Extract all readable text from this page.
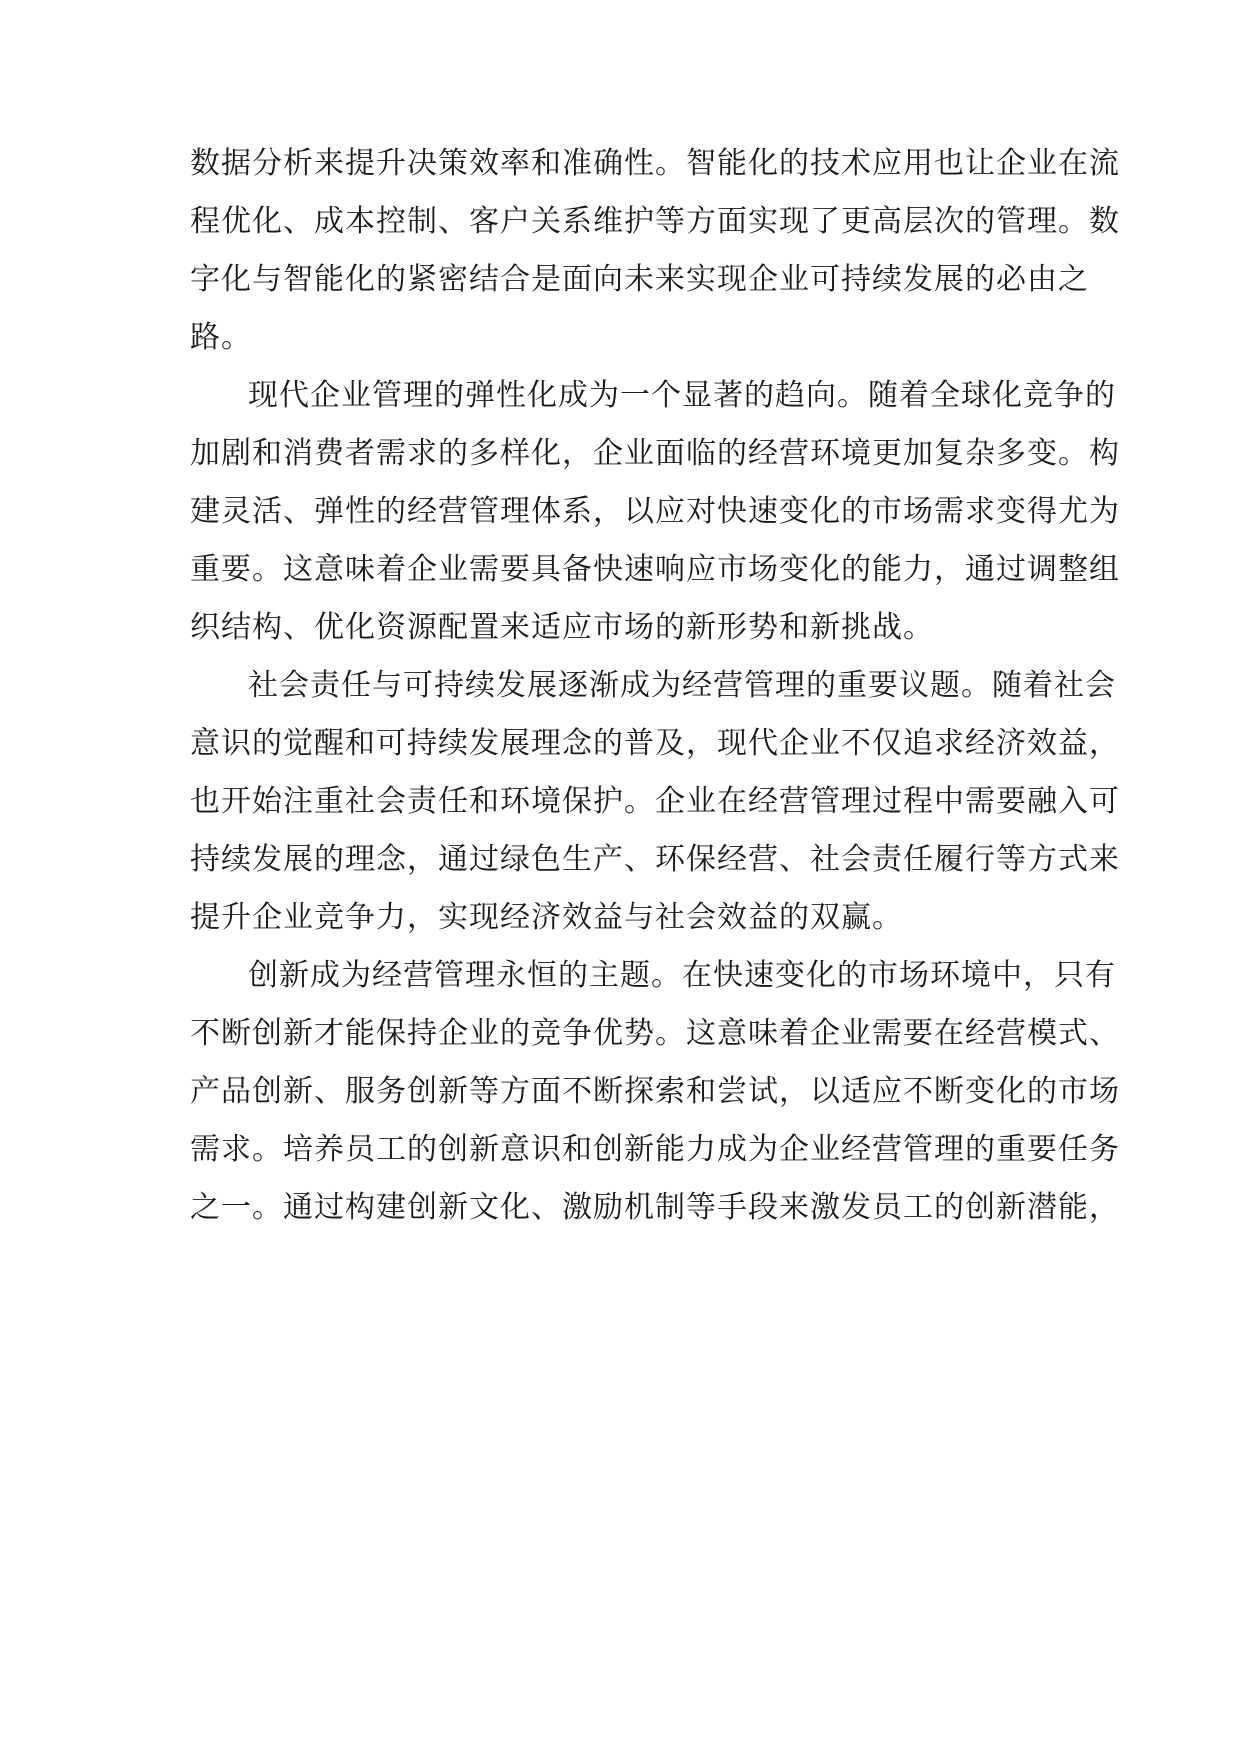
数据分析来提升决策效率和准确性。智能化的技术应用也让企业在流
程优化、成本控制、客户关系维护等方面实现了更高层次的管理。数
字化与智能化的紧密结合是面向未来实现企业可持续发展的必由之
路。
现代企业管理的弹性化成为一个显著的趋向。随着全球化竞争的
加剧和消费者需求的多样化，企业面临的经营环境更加复杂多变。构
建灵活、弹性的经营管理体系，以应对快速变化的市场需求变得尤为
重要。这意味着企业需要具备快速响应市场变化的能力，通过调整组
织结构、优化资源配置来适应市场的新形势和新挑战。
社会责任与可持续发展逐渐成为经营管理的重要议题。随着社会
意识的觉醒和可持续发展理念的普及，现代企业不仅追求经济效益，
也开始注重社会责任和环境保护。企业在经营管理过程中需要融入可
持续发展的理念，通过绿色生产、环保经营、社会责任履行等方式来
提升企业竞争力，实现经济效益与社会效益的双赢。
创新成为经营管理永恒的主题。在快速变化的市场环境中，只有
不断创新才能保持企业的竞争优势。这意味着企业需要在经营模式、
产品创新、服务创新等方面不断探索和尝试，以适应不断变化的市场
需求。培养员工的创新意识和创新能力成为企业经营管理的重要任务
之一。通过构建创新文化、激励机制等手段来激发员工的创新潜能，
